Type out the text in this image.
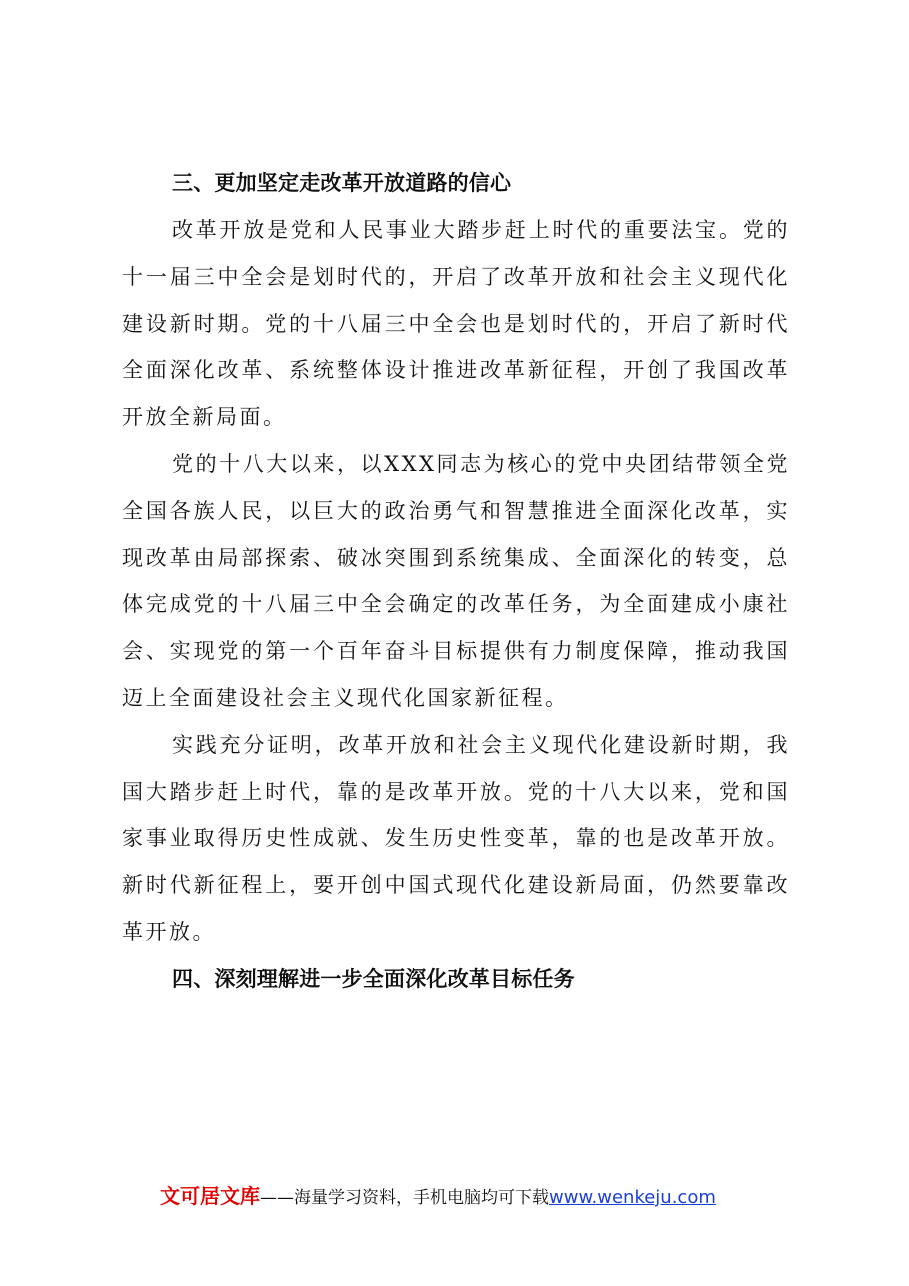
三、更加坚定走改革开放道路的信心

改革开放是党和人民事业大踏步赶上时代的重要法宝。党的十一届三中全会是划时代的，开启了改革开放和社会主义现代化建设新时期。党的十八届三中全会也是划时代的，开启了新时代全面深化改革、系统整体设计推进改革新征程，开创了我国改革开放全新局面。

党的十八大以来，以XXX同志为核心的党中央团结带领全党全国各族人民，以巨大的政治勇气和智慧推进全面深化改革，实现改革由局部探索、破冰突围到系统集成、全面深化的转变，总体完成党的十八届三中全会确定的改革任务，为全面建成小康社会、实现党的第一个百年奋斗目标提供有力制度保障，推动我国迈上全面建设社会主义现代化国家新征程。

实践充分证明，改革开放和社会主义现代化建设新时期，我国大踏步赶上时代，靠的是改革开放。党的十八大以来，党和国家事业取得历史性成就、发生历史性变革，靠的也是改革开放。新时代新征程上，要开创中国式现代化建设新局面，仍然要靠改革开放。

四、深刻理解进一步全面深化改革目标任务
文可居文库——海量学习资料，手机电脑均可下载www.wenkeju.com
